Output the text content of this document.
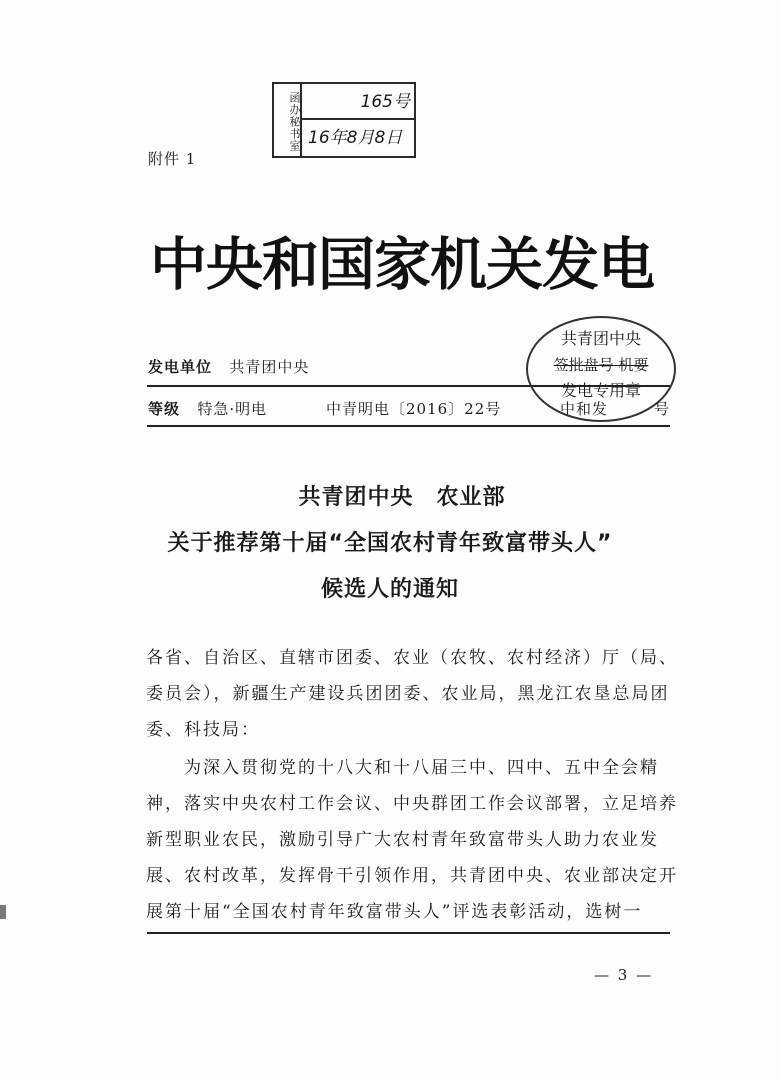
函办秘书室	165号
16年8月8日
附件 1
中央和国家机关发电
发电单位 共青团中央
等级 特急·明电	中青明电〔2016〕22号	中和发	号
共青团中央
签批盘号 机要
发电专用章
共青团中央　农业部
关于推荐第十届“全国农村青年致富带头人”
候选人的通知
各省、自治区、直辖市团委、农业（农牧、农村经济）厅（局、
委员会），新疆生产建设兵团团委、农业局，黑龙江农垦总局团
委、科技局：
　　为深入贯彻党的十八大和十八届三中、四中、五中全会精
神，落实中央农村工作会议、中央群团工作会议部署，立足培养
新型职业农民，激励引导广大农村青年致富带头人助力农业发
展、农村改革，发挥骨干引领作用，共青团中央、农业部决定开
展第十届“全国农村青年致富带头人”评选表彰活动，选树一
— 3 —
